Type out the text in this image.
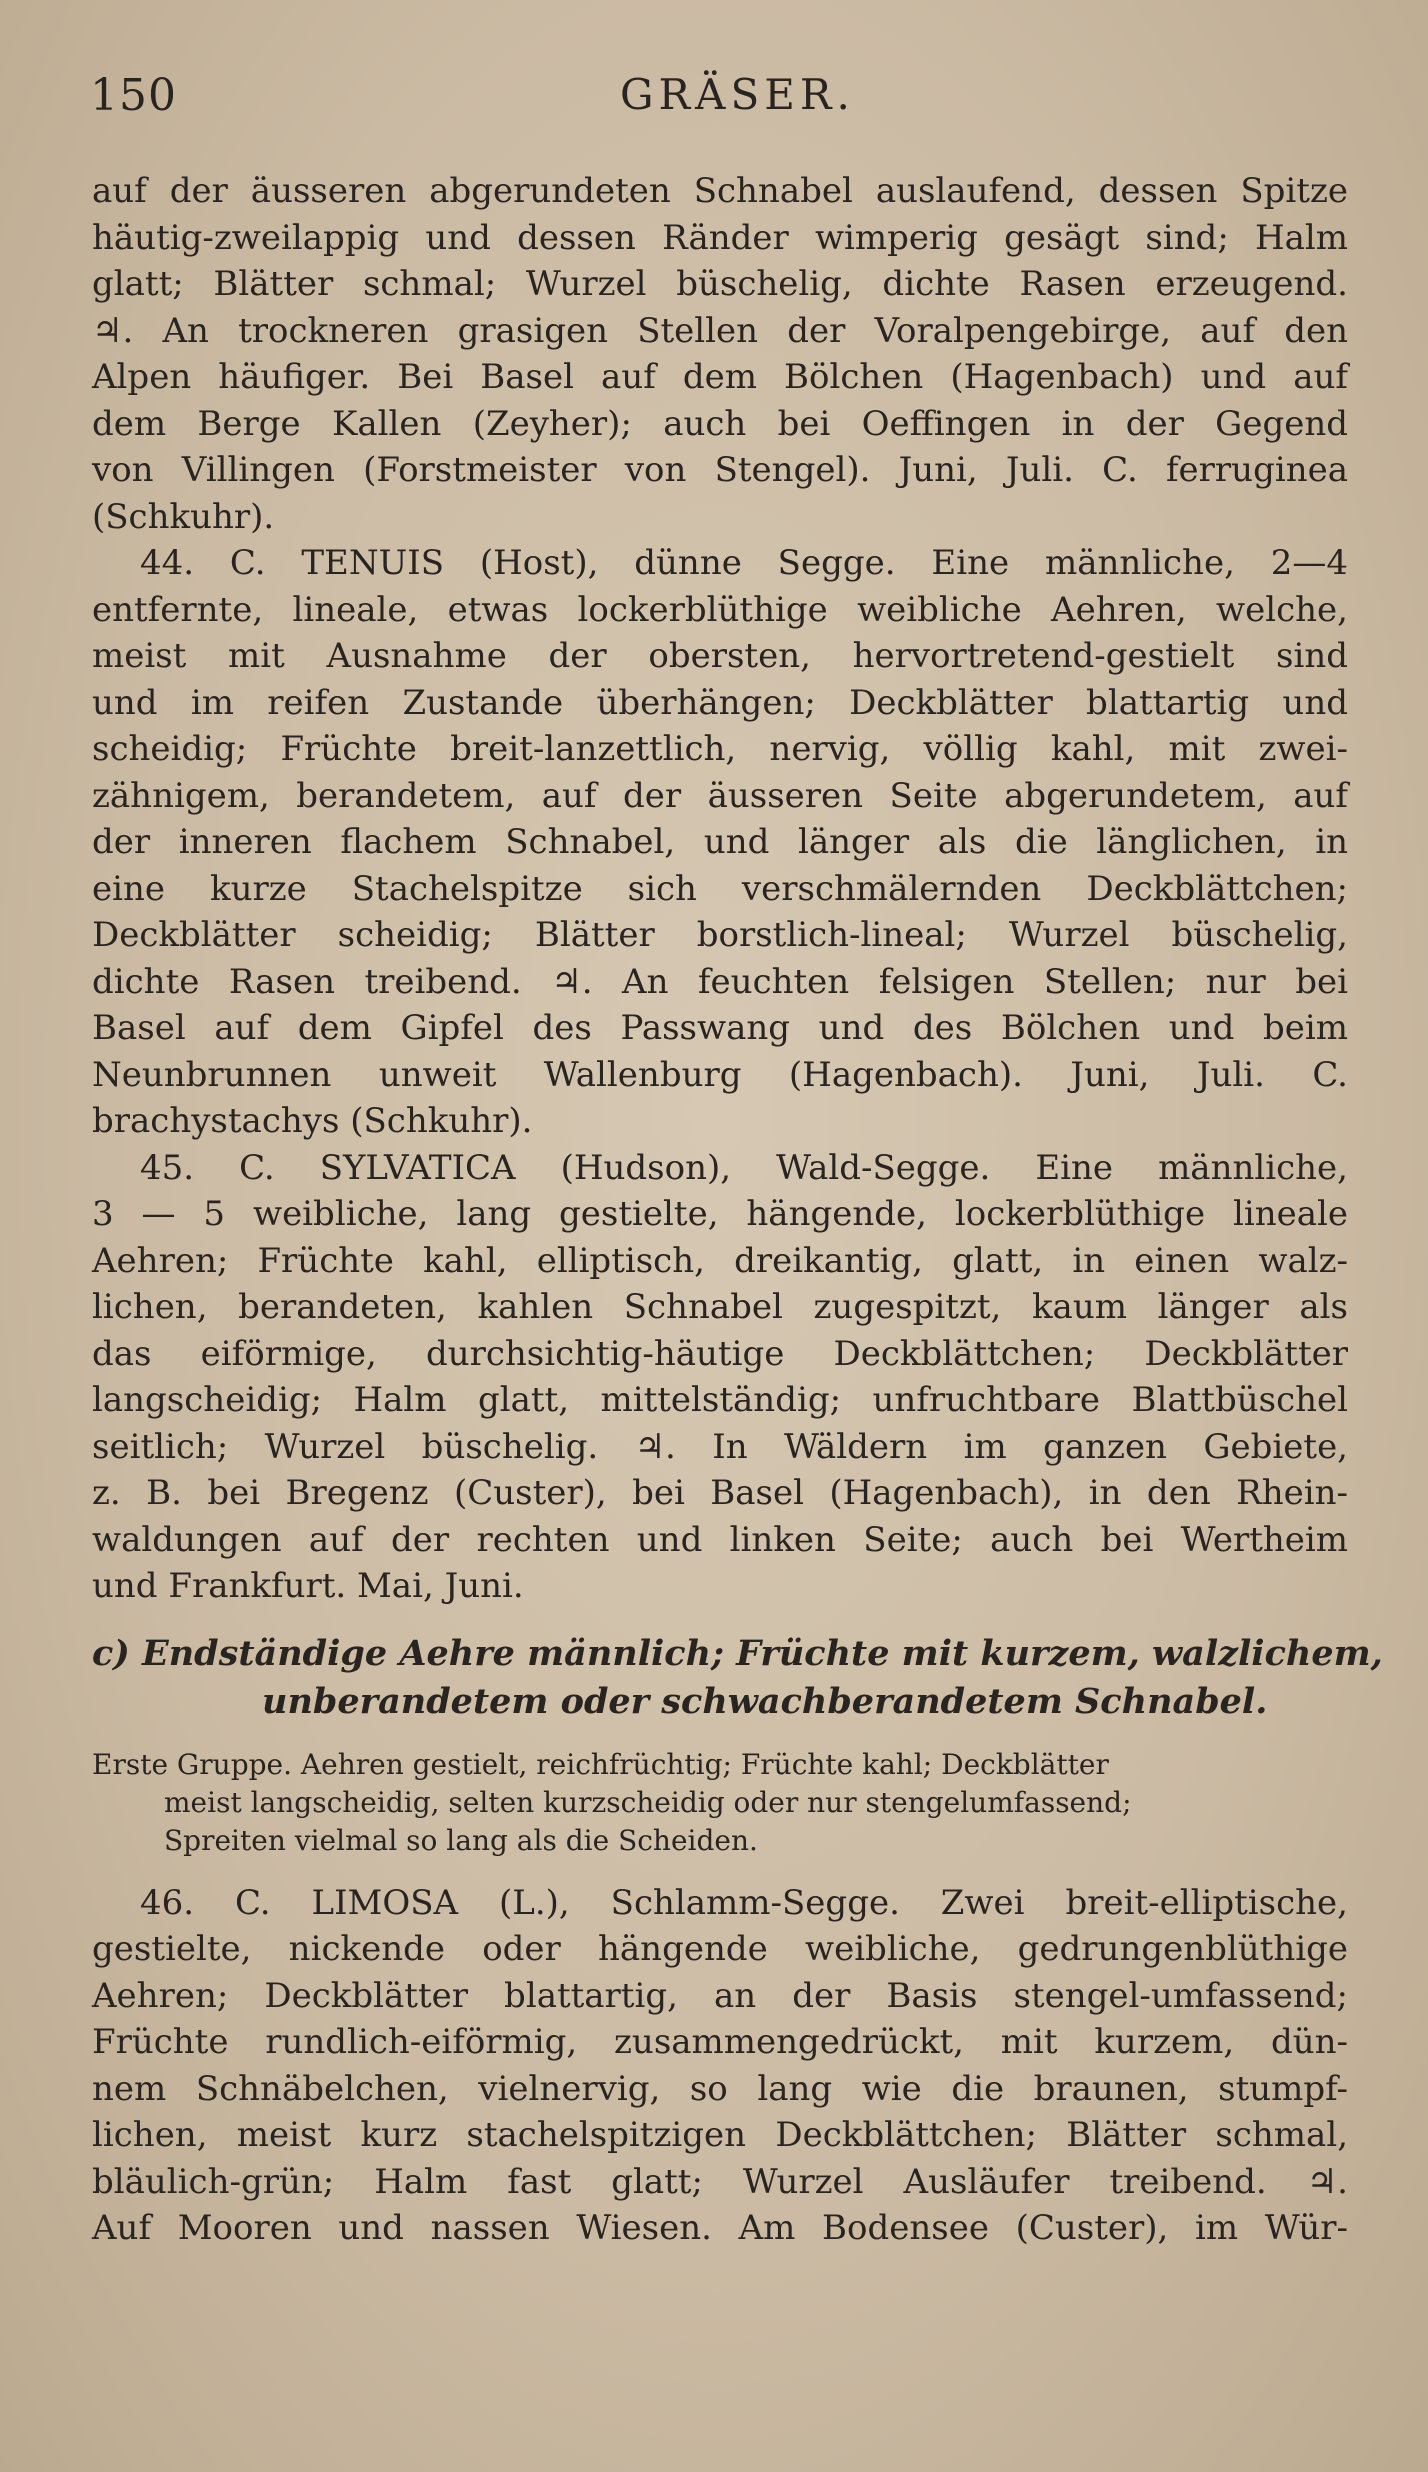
150	GRÄSER.
auf der äusseren abgerundeten Schnabel auslaufend, dessen Spitze
häutig-zweilappig und dessen Ränder wimperig gesägt sind; Halm
glatt; Blätter schmal; Wurzel büschelig, dichte Rasen erzeugend.
♃. An trockneren grasigen Stellen der Voralpengebirge, auf den
Alpen häufiger. Bei Basel auf dem Bölchen (Hagenbach) und auf
dem Berge Kallen (Zeyher); auch bei Oeffingen in der Gegend
von Villingen (Forstmeister von Stengel). Juni, Juli. C. ferruginea
(Schkuhr).
44. C. TENUIS (Host), dünne Segge. Eine männliche, 2—4
entfernte, lineale, etwas lockerblüthige weibliche Aehren, welche,
meist mit Ausnahme der obersten, hervortretend-gestielt sind
und im reifen Zustande überhängen; Deckblätter blattartig und
scheidig; Früchte breit-lanzettlich, nervig, völlig kahl, mit zwei-
zähnigem, berandetem, auf der äusseren Seite abgerundetem, auf
der inneren flachem Schnabel, und länger als die länglichen, in
eine kurze Stachelspitze sich verschmälernden Deckblättchen;
Deckblätter scheidig; Blätter borstlich-lineal; Wurzel büschelig,
dichte Rasen treibend. ♃. An feuchten felsigen Stellen; nur bei
Basel auf dem Gipfel des Passwang und des Bölchen und beim
Neunbrunnen unweit Wallenburg (Hagenbach). Juni, Juli. C.
brachystachys (Schkuhr).
45. C. SYLVATICA (Hudson), Wald-Segge. Eine männliche,
3 — 5 weibliche, lang gestielte, hängende, lockerblüthige lineale
Aehren; Früchte kahl, elliptisch, dreikantig, glatt, in einen walz-
lichen, berandeten, kahlen Schnabel zugespitzt, kaum länger als
das eiförmige, durchsichtig-häutige Deckblättchen; Deckblätter
langscheidig; Halm glatt, mittelständig; unfruchtbare Blattbüschel
seitlich; Wurzel büschelig. ♃. In Wäldern im ganzen Gebiete,
z. B. bei Bregenz (Custer), bei Basel (Hagenbach), in den Rhein-
waldungen auf der rechten und linken Seite; auch bei Wertheim
und Frankfurt. Mai, Juni.
c) Endständige Aehre männlich; Früchte mit kurzem, walzlichem,
unberandetem oder schwachberandetem Schnabel.
Erste Gruppe. Aehren gestielt, reichfrüchtig; Früchte kahl; Deckblätter
meist langscheidig, selten kurzscheidig oder nur stengelumfassend;
Spreiten vielmal so lang als die Scheiden.
46. C. LIMOSA (L.), Schlamm-Segge. Zwei breit-elliptische,
gestielte, nickende oder hängende weibliche, gedrungenblüthige
Aehren; Deckblätter blattartig, an der Basis stengel-umfassend;
Früchte rundlich-eiförmig, zusammengedrückt, mit kurzem, dün-
nem Schnäbelchen, vielnervig, so lang wie die braunen, stumpf-
lichen, meist kurz stachelspitzigen Deckblättchen; Blätter schmal,
bläulich-grün; Halm fast glatt; Wurzel Ausläufer treibend. ♃.
Auf Mooren und nassen Wiesen. Am Bodensee (Custer), im Wür-
